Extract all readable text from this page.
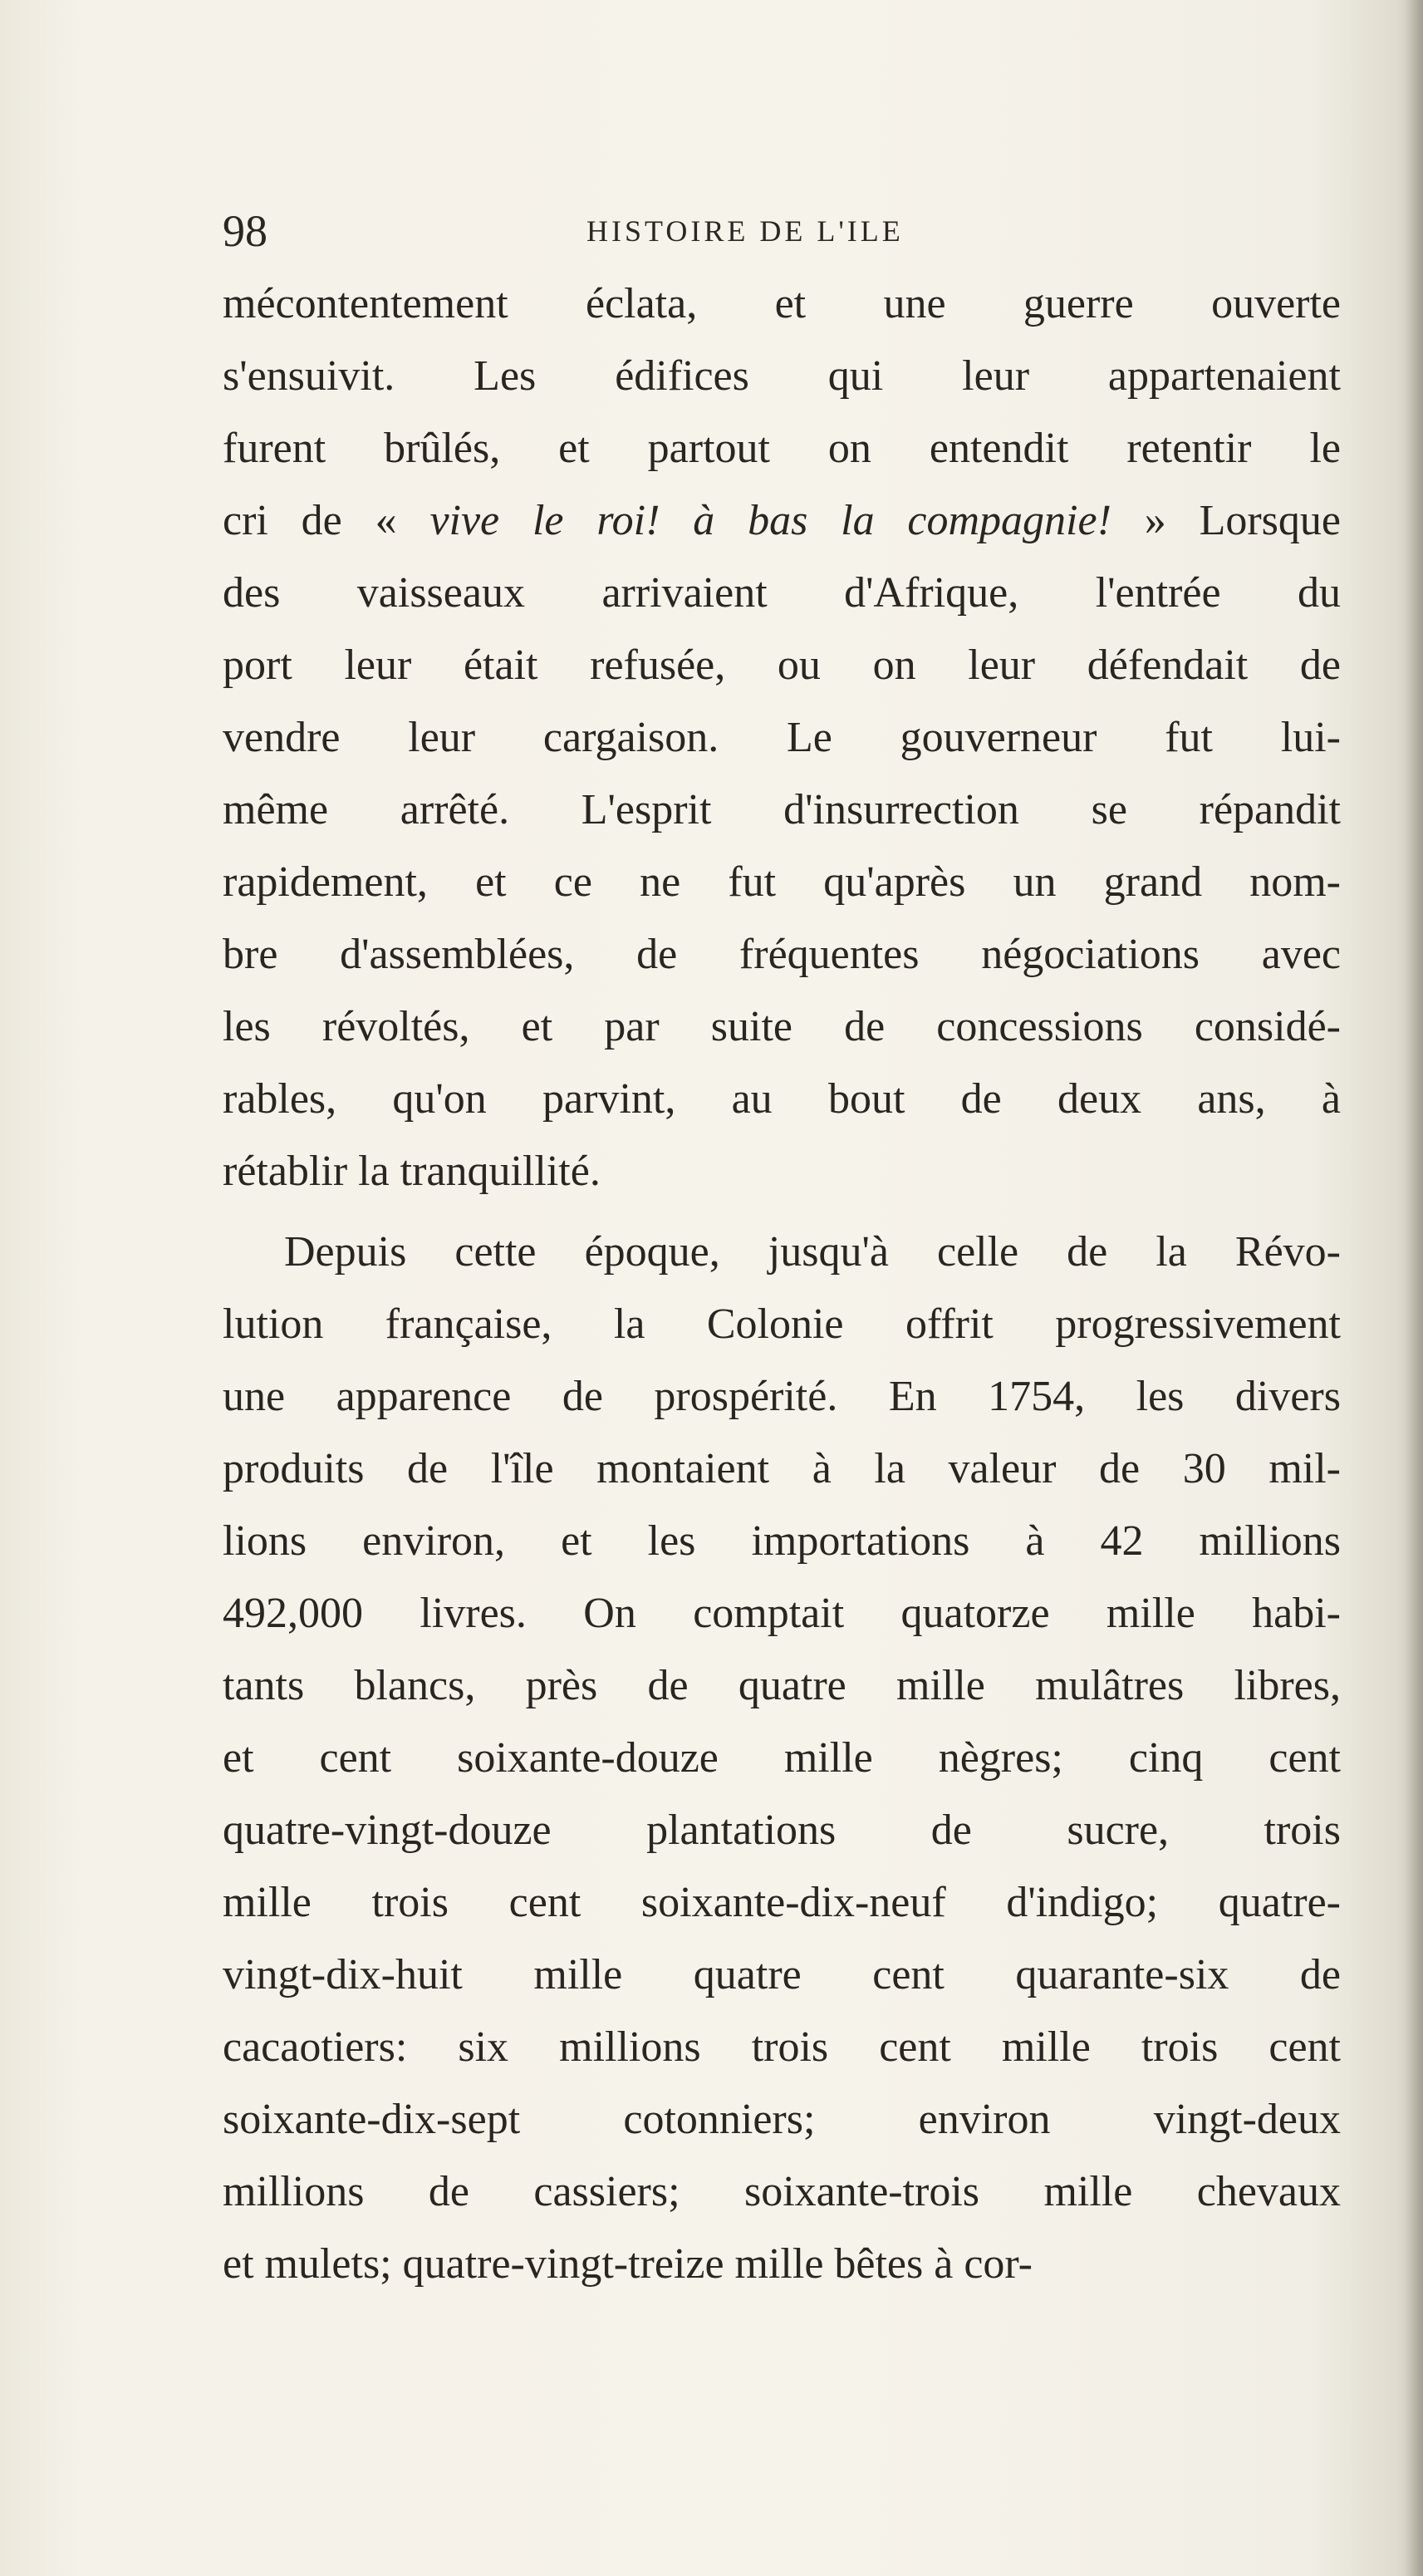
98	HISTOIRE DE L'ILE
mécontentement éclata, et une guerre ouverte
s'ensuivit. Les édifices qui leur appartenaient
furent brûlés, et partout on entendit retentir le
cri de « vive le roi! à bas la compagnie! » Lorsque
des vaisseaux arrivaient d'Afrique, l'entrée du
port leur était refusée, ou on leur défendait de
vendre leur cargaison. Le gouverneur fut lui-
même arrêté. L'esprit d'insurrection se répandit
rapidement, et ce ne fut qu'après un grand nom-
bre d'assemblées, de fréquentes négociations avec
les révoltés, et par suite de concessions considé-
rables, qu'on parvint, au bout de deux ans, à
rétablir la tranquillité.
Depuis cette époque, jusqu'à celle de la Révo-
lution française, la Colonie offrit progressivement
une apparence de prospérité. En 1754, les divers
produits de l'île montaient à la valeur de 30 mil-
lions environ, et les importations à 42 millions
492,000 livres. On comptait quatorze mille habi-
tants blancs, près de quatre mille mulâtres libres,
et cent soixante-douze mille nègres; cinq cent
quatre-vingt-douze plantations de sucre, trois
mille trois cent soixante-dix-neuf d'indigo; quatre-
vingt-dix-huit mille quatre cent quarante-six de
cacaotiers: six millions trois cent mille trois cent
soixante-dix-sept cotonniers; environ vingt-deux
millions de cassiers; soixante-trois mille chevaux
et mulets; quatre-vingt-treize mille bêtes à cor-
